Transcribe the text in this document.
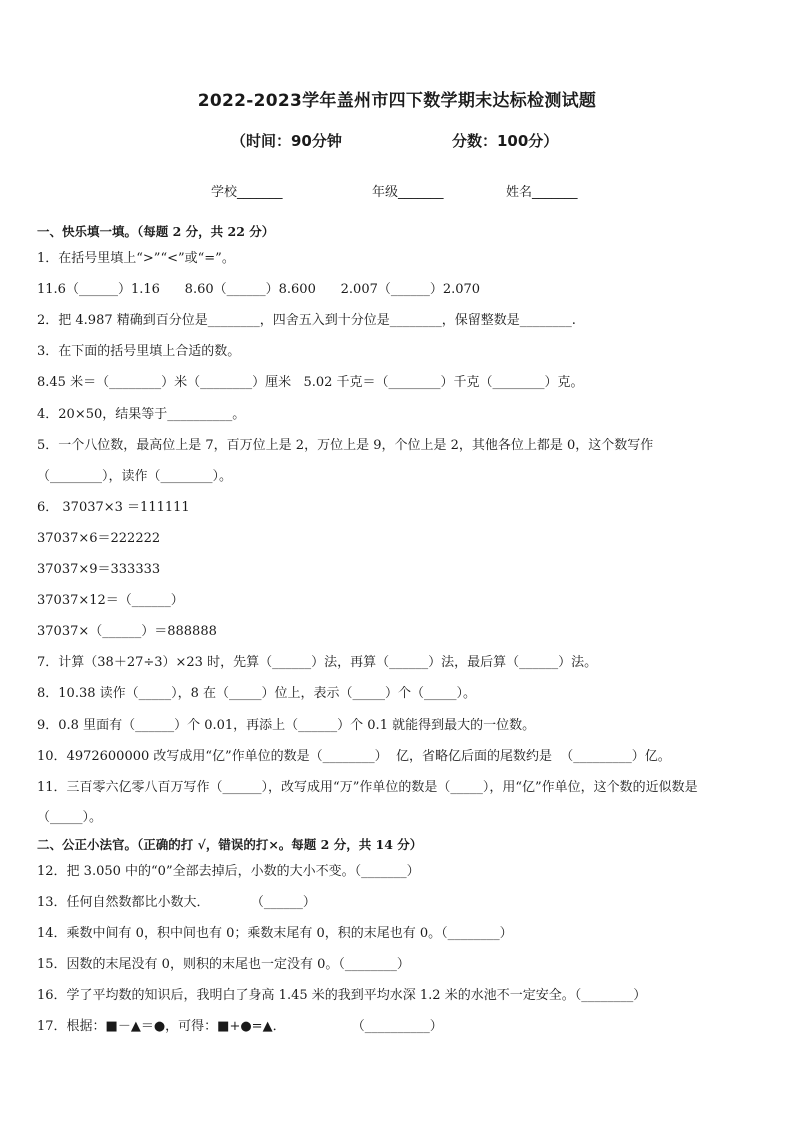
2022-2023学年盖州市四下数学期末达标检测试题
（时间：90分钟	分数：100分）
学校_______	年级_______	姓名_______
一、快乐填一填。（每题 2 分，共 22 分）
1．在括号里填上“>”“<”或“=”。
11.6（______）1.16      8.60（______）8.600      2.007（______）2.070
2．把 4.987 精确到百分位是________，四舍五入到十分位是________，保留整数是________.
3．在下面的括号里填上合适的数。
8.45 米＝（________）米（________）厘米   5.02 千克＝（________）千克（________）克。
4．20×50，结果等于__________。
5．一个八位数，最高位上是 7，百万位上是 2，万位上是 9，个位上是 2，其他各位上都是 0，这个数写作
（________），读作（________）。
6． 37037×3 ＝111111
37037×6＝222222
37037×9＝333333
37037×12＝（______）
37037×（______）＝888888
7．计算（38＋27÷3）×23 时，先算（______）法，再算（______）法，最后算（______）法。
8．10.38 读作（_____），8 在（_____）位上，表示（_____）个（_____）。
9．0.8 里面有（______）个 0.01，再添上（______）个 0.1 就能得到最大的一位数。
10．4972600000 改写成用“亿”作单位的数是（________）  亿，省略亿后面的尾数约是  （_________）亿。
11．三百零六亿零八百万写作（______），改写成用“万”作单位的数是（_____），用“亿”作单位，这个数的近似数是
（_____）。
二、公正小法官。（正确的打 √，错误的打×。每题 2 分，共 14 分）
12．把 3.050 中的“0”全部去掉后，小数的大小不变。（_______）
13．任何自然数都比小数大．          （______）
14．乘数中间有 0，积中间也有 0；乘数末尾有 0，积的末尾也有 0。（________）
15．因数的末尾没有 0，则积的末尾也一定没有 0。（________）
16．学了平均数的知识后，我明白了身高 1.45 米的我到平均水深 1.2 米的水池不一定安全。（________）
17．根据：■－▲＝●，可得：■+●=▲．                （__________）
